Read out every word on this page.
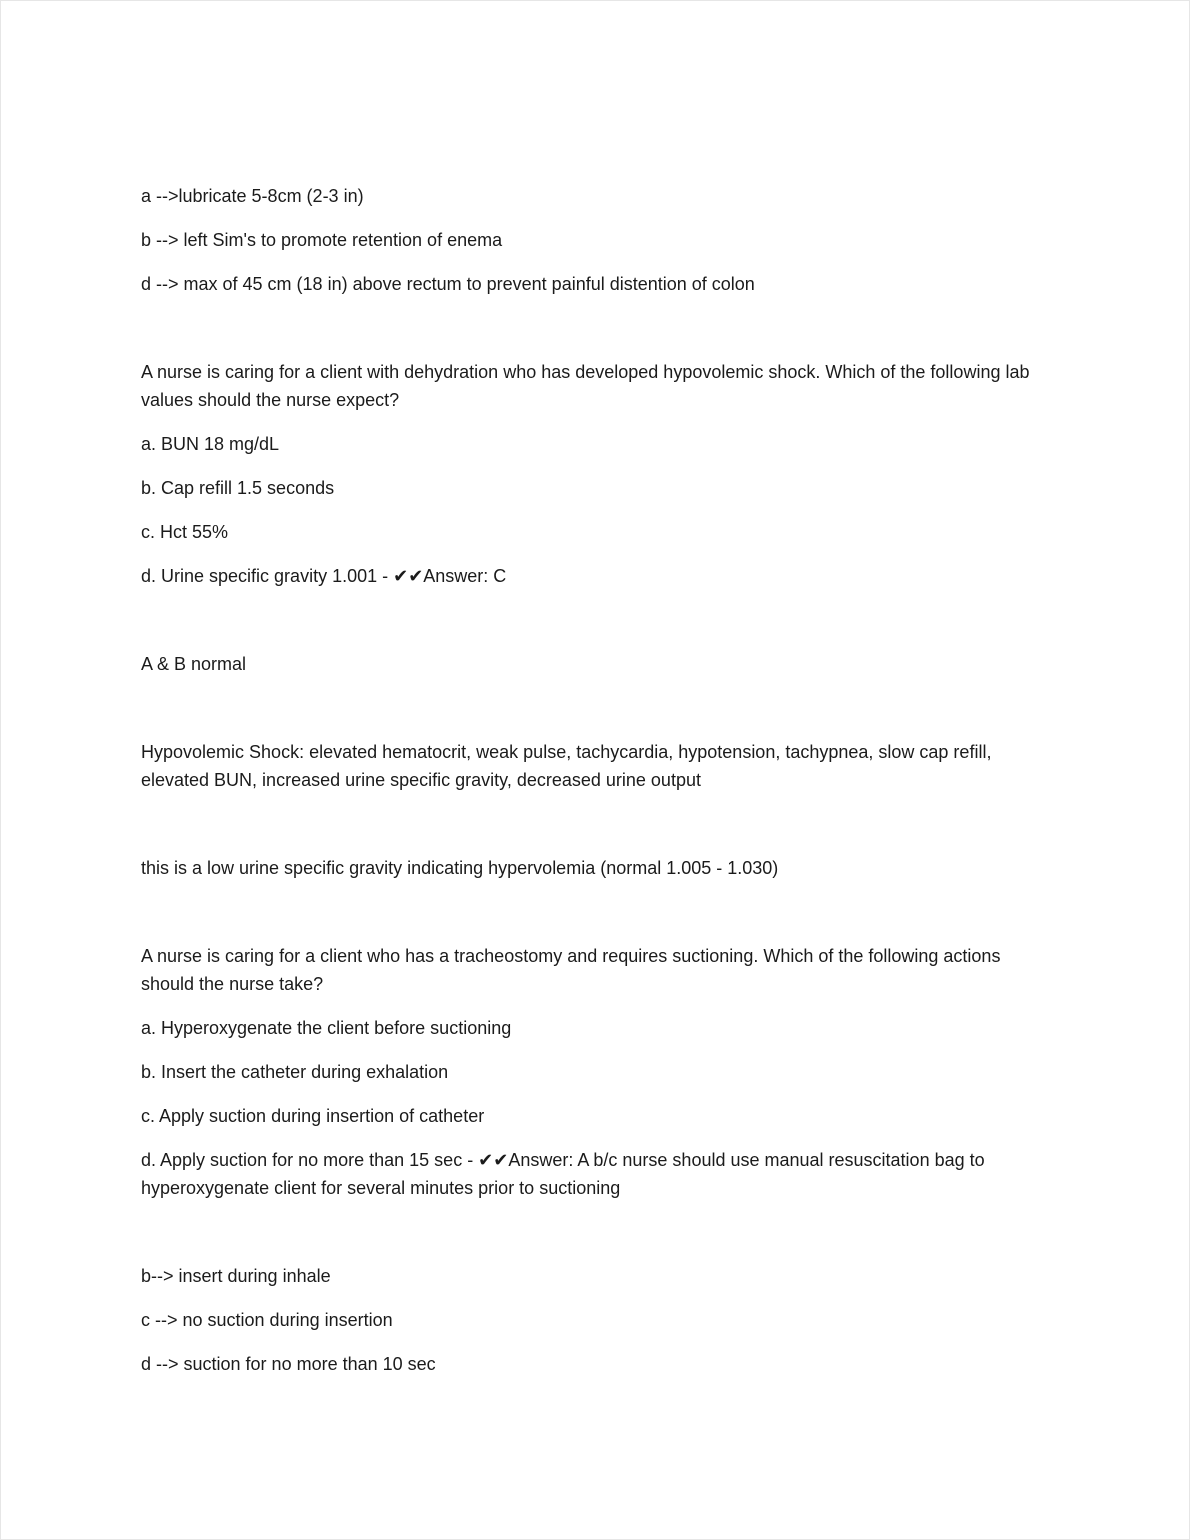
a -->lubricate 5-8cm (2-3 in)

b --> left Sim's to promote retention of enema

d --> max of 45 cm (18 in) above rectum to prevent painful distention of colon

A nurse is caring for a client with dehydration who has developed hypovolemic shock. Which of the following lab values should the nurse expect?

a. BUN 18 mg/dL

b. Cap refill 1.5 seconds

c. Hct 55%

d. Urine specific gravity 1.001 - ✔✔Answer: C

A & B normal

Hypovolemic Shock: elevated hematocrit, weak pulse, tachycardia, hypotension, tachypnea, slow cap refill, elevated BUN, increased urine specific gravity, decreased urine output

this is a low urine specific gravity indicating hypervolemia (normal 1.005 - 1.030)

A nurse is caring for a client who has a tracheostomy and requires suctioning. Which of the following actions should the nurse take?

a. Hyperoxygenate the client before suctioning

b. Insert the catheter during exhalation

c. Apply suction during insertion of catheter

d. Apply suction for no more than 15 sec - ✔✔Answer: A b/c nurse should use manual resuscitation bag to hyperoxygenate client for several minutes prior to suctioning

b--> insert during inhale

c --> no suction during insertion

d --> suction for no more than 10 sec
